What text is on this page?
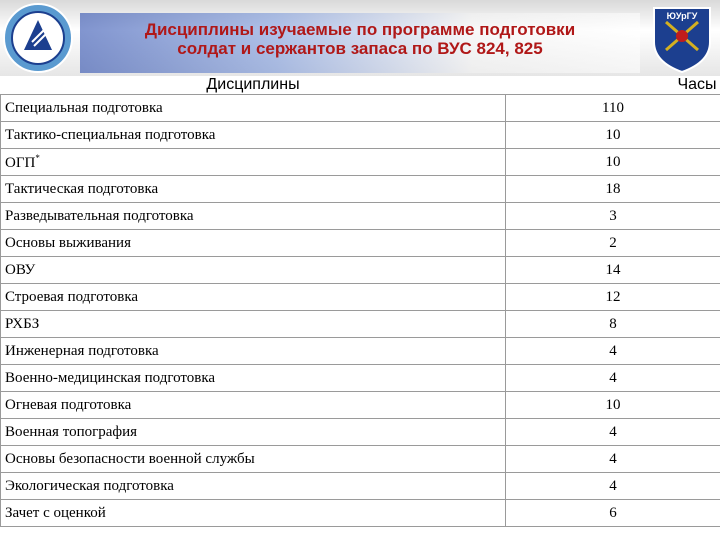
Дисциплины изучаемые по программе подготовки
солдат и сержантов запаса по ВУС 824, 825
ЮУрГУ
Дисциплины	Часы
Специальная подготовка	110
Тактико-специальная подготовка	10
ОГП*	10
Тактическая подготовка	18
Разведывательная подготовка	3
Основы выживания	2
ОВУ	14
Строевая подготовка	12
РХБЗ	8
Инженерная подготовка	4
Военно-медицинская подготовка	4
Огневая подготовка	10
Военная топография	4
Основы безопасности военной службы	4
Экологическая подготовка	4
Зачет с оценкой	6
